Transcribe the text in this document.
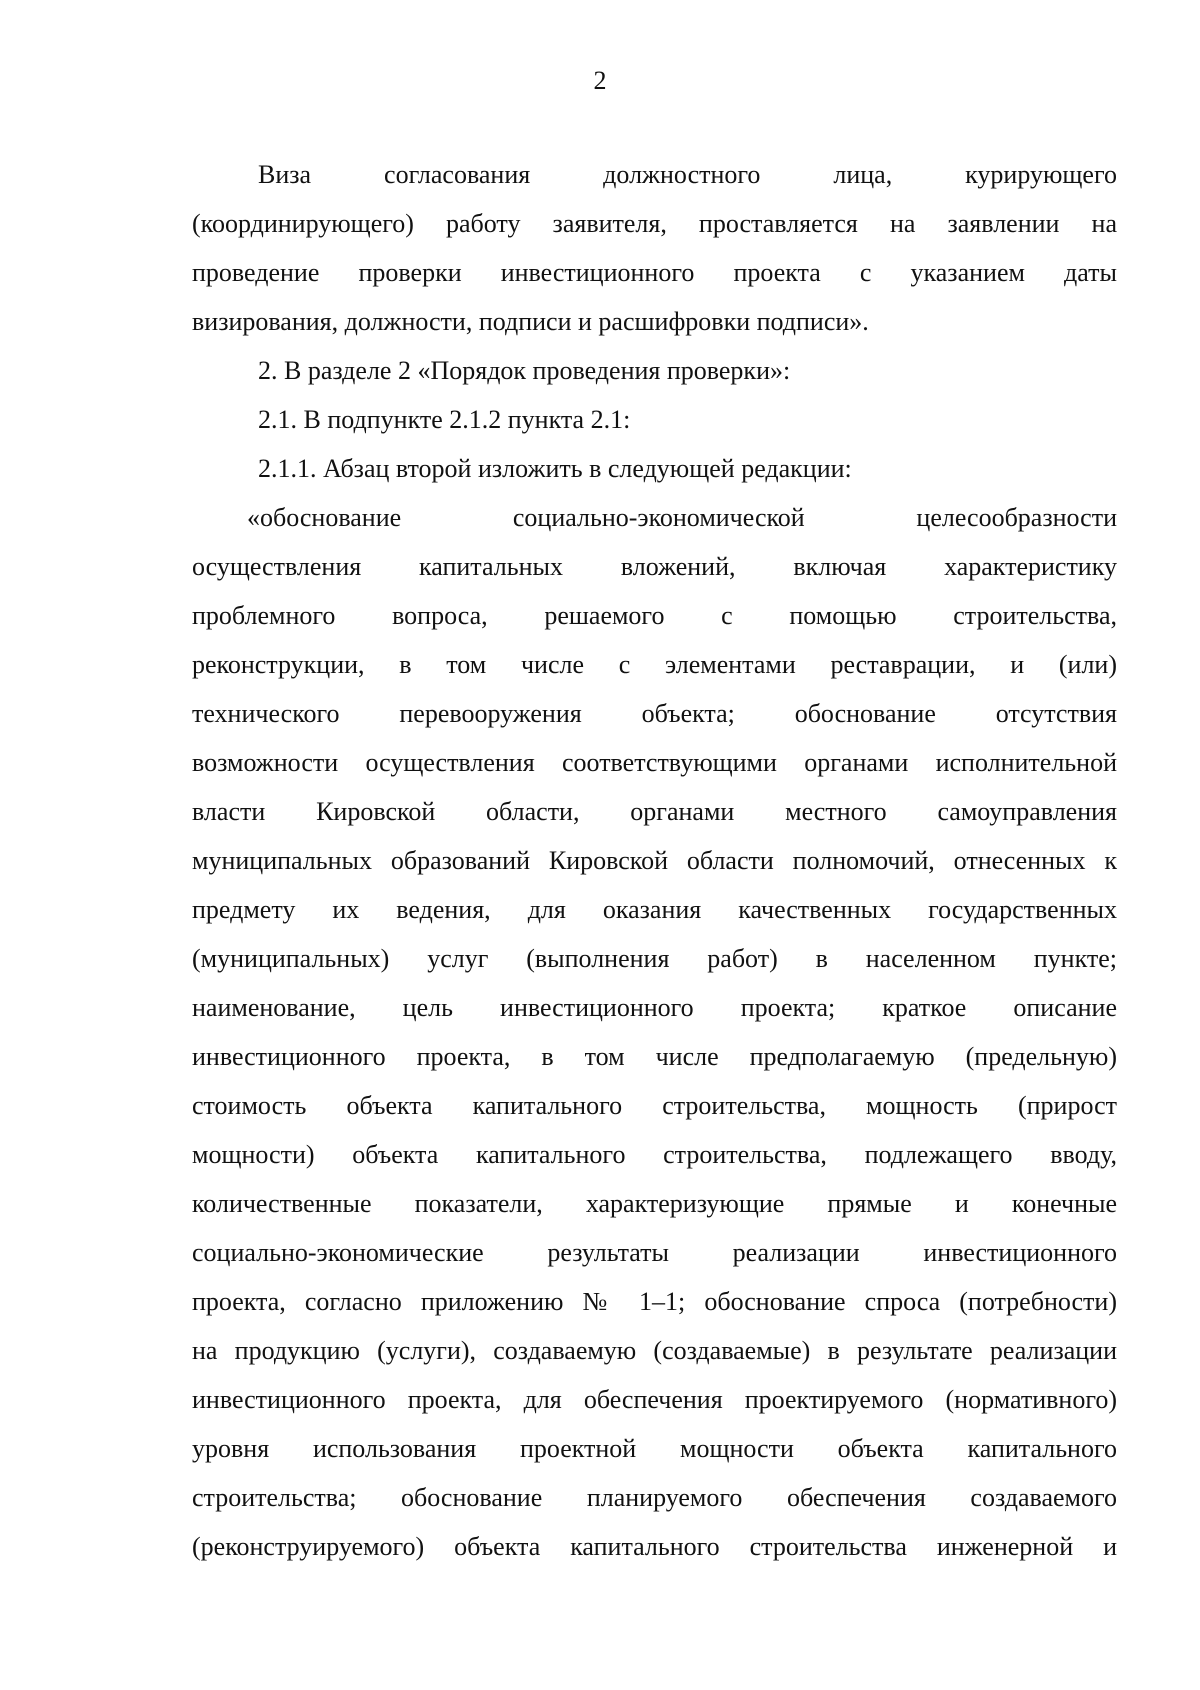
2

Виза согласования должностного лица, курирующего

(координирующего) работу заявителя, проставляется на заявлении на

проведение проверки инвестиционного проекта с указанием даты

визирования, должности, подписи и расшифровки подписи».

2. В разделе 2 «Порядок проведения проверки»:

2.1. В подпункте 2.1.2 пункта 2.1:

2.1.1. Абзац второй изложить в следующей редакции:

«обоснование социально-экономической целесообразности

осуществления капитальных вложений, включая характеристику

проблемного вопроса, решаемого с помощью строительства,

реконструкции, в том числе с элементами реставрации, и (или)

технического перевооружения объекта; обоснование отсутствия

возможности осуществления соответствующими органами исполнительной

власти Кировской области, органами местного самоуправления

муниципальных образований Кировской области полномочий, отнесенных к

предмету их ведения, для оказания качественных государственных

(муниципальных) услуг (выполнения работ) в населенном пункте;

наименование, цель инвестиционного проекта; краткое описание

инвестиционного проекта, в том числе предполагаемую (предельную)

стоимость объекта капитального строительства, мощность (прирост

мощности) объекта капитального строительства, подлежащего вводу,

количественные показатели, характеризующие прямые и конечные

социально-экономические результаты реализации инвестиционного

проекта, согласно приложению № 1–1; обоснование спроса (потребности)

на продукцию (услуги), создаваемую (создаваемые) в результате реализации

инвестиционного проекта, для обеспечения проектируемого (нормативного)

уровня использования проектной мощности объекта капитального

строительства; обоснование планируемого обеспечения создаваемого

(реконструируемого) объекта капитального строительства инженерной и
